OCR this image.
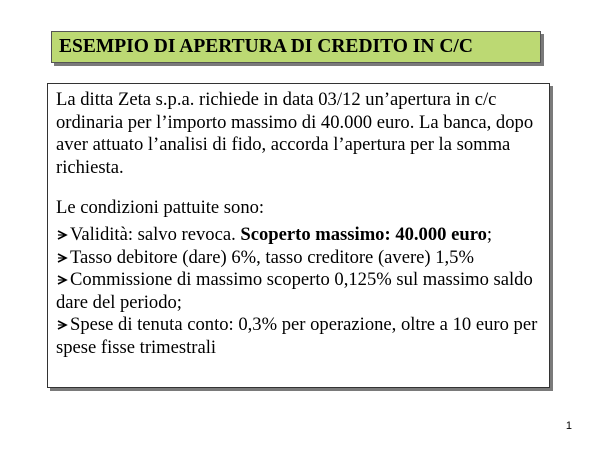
ESEMPIO DI APERTURA DI CREDITO IN C/C

La ditta Zeta s.p.a. richiede in data 03/12 un’apertura in c/c ordinaria per l’importo massimo di 40.000 euro. La banca, dopo aver attuato l’analisi di fido, accorda l’apertura per la somma richiesta.

Le condizioni pattuite sono:

Validità: salvo revoca. Scoperto massimo: 40.000 euro;
Tasso debitore (dare) 6%, tasso creditore (avere) 1,5%
Commissione di massimo scoperto 0,125% sul massimo saldo dare del periodo;
Spese di tenuta conto: 0,3% per operazione, oltre a 10 euro per spese fisse trimestrali
1
